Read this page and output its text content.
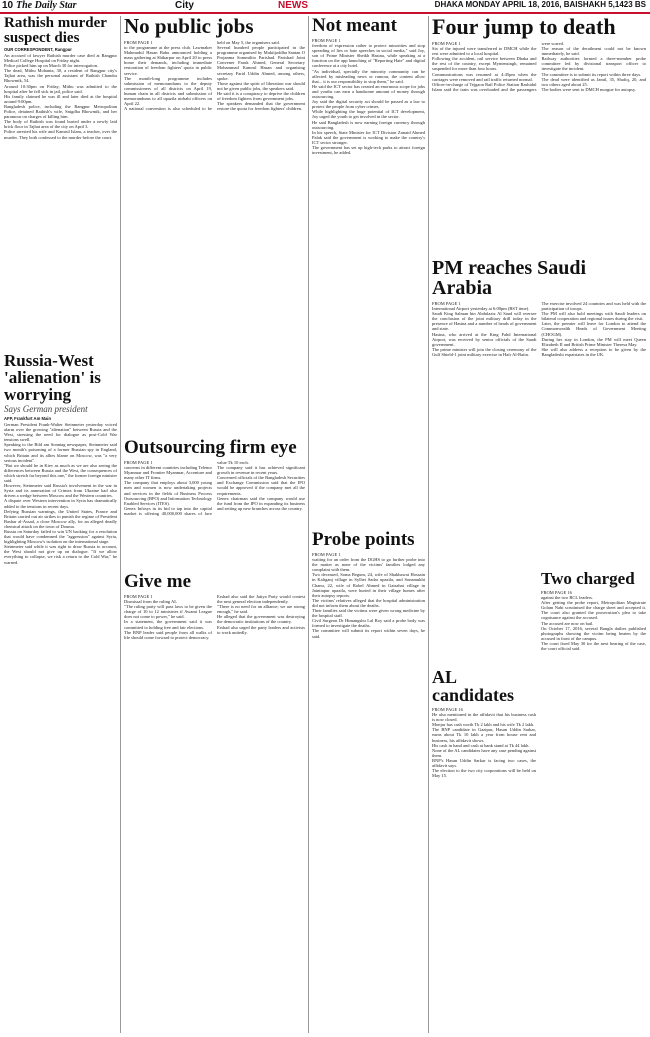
10 The Daily Star	City	NEWS	DHAKA MONDAY APRIL 18, 2016, BAISHAKH 5,1423 BS
Rathish murder suspect dies
OUR CORRESPONDENT, Rangpur

An accused of lawyer Rathish murder case died at Rangpur Medical College Hospital on Friday night.
Police picked him up on March 30 for interrogation.
The dead, Mithu Mohanta, 30, a resident of Rangpur city's Tajhat area, was the personal assistant of Rathish Chandra Bhowmik, 54.
Around 10:30pm on Friday, Mithu was admitted to the hospital after he fell sick in jail, police said.
His family claimed he was ill and later died at the hospital around 9:00pm.
Bangladesh police, including the Rangpur Metropolitan Police, detained Rathish's wife, Snigdha Bhowmik, and her paramour on charges of killing him.
The body of Rathish was found buried under a newly laid brick floor in Tajhat area of the city on April 3.
Police arrested his wife and Kamrul Islam, a teacher, over the murder. They both confessed to the murder before the court.

Russia-West 'alienation' is worrying
Says German president
AFP, Frankfurt Am Main

German President Frank-Walter Steinmeier yesterday voiced alarm over the growing "alienation" between Russia and the West, stressing the need for dialogue as post-Cold War tensions swell.
Speaking to the Bild am Sonntag newspaper, Steinmeier said two month's poisoning of a former Russian spy in England, which Britain and its allies blame on Moscow, was "a very serious incident".
"But we should be in Kiev as much as we are also seeing the differences between Russia and the West, the consequences of which stretch far beyond this one," the former foreign minister said.
However, Steinmeier said Russia's involvement in the war in Syria and its annexation of Crimea from Ukraine had also driven a wedge between Moscow and the Western countries.
A dispute over Western intervention in Syria has dramatically added to the tensions in recent days.
Defying Russian warnings, the United States, France and Britain carried out air strikes to punish the regime of President Bashar al-Assad, a close Moscow ally, for an alleged deadly chemical attack on the town of Douma.
Russia on Saturday failed to win UN backing for a resolution that would have condemned the "aggression" against Syria, highlighting Moscow's isolation on the international stage.
Steinmeier said while it was right to draw Russia to account, the West should not give up on dialogue. "If we allow everything to collapse, we risk a return to the Cold War," he warned.

No public jobs

FROM PAGE 1
to the programme at the press club. Lawmaker Mahmudul Hasan Babu announced holding a mass gathering at Shikarpur on April 20 to press home their demands, including immediate restoration of freedom fighters' quota in public service.
The month-long programme includes submission of memorandums to the deputy commissioners of all districts on April 19, human chain in all districts and submission of memorandums to all upazila nirbahi officers on April 22.
A national convention is also scheduled to be held on May 5, the organisers said.
Several hundred people participated in the programme organised by Muktijoddha Santan O Projanma Sommilito Parishad. Parishad Joint Convener Faruk Ahmed, General Secretary Mohammad Kamrul Hasan and organising secretary Farid Uddin Ahmed, among others, spoke.
Those against the spirit of liberation war should not be given public jobs, the speakers said.
He said it is a conspiracy to deprive the children of freedom fighters from government jobs.
The speakers demanded that the government restore the quota for freedom fighters' children.

Outsourcing firm eye

FROM PAGE 1
concerns in different countries including Telenor Myanmar and Frontier Myanmar, Accenture and many other IT firms.
The company that employs about 3,000 young men and women is now undertaking projects and services in the fields of Business Process Outsourcing (BPO) and Information Technology Enabled Services (ITES).
Genex Infosys in its bid to tap into the capital market is offering 40,000,000 shares of face value Tk 10 each.
The company said it has achieved significant growth in revenue in recent years.
Concerned officials of the Bangladesh Securities and Exchange Commission said that the IPO would be approved if the company met all the requirements.
Genex chairman said the company would use the fund from the IPO in expanding its business and setting up new branches across the country.

Give me

FROM PAGE 1
Dismissal from the ruling AL
"The ruling party will pass laws to be given the charge of 10 to 12 ministries if Awami League does not come to power," he said.
In a statement, the government said it was committed to holding free and fair elections.
The BNP leader said people from all walks of life should come forward to protect democracy.
Ershad also said the Jatiya Party would contest the next general election independently.
"There is no need for an alliance; we are strong enough," he said.
He alleged that the government was destroying the democratic institutions of the country.
Ershad also urged the party leaders and activists to work unitedly.

Not meant

FROM PAGE 1
freedom of expression rather to protect minorities and stop spreading of lies or hate speeches in social media," said Joy, son of Prime Minister Sheikh Hasina, while speaking at a function on the app launching of "Reporting Hate" and digital conference at a city hotel.
"As individual, specially the minority community can be affected by misleading news or rumour, the content allow that... it is our responsibility to stop them," he said.
He said the ICT sector has created an enormous scope for jobs and youths can earn a handsome amount of money through outsourcing.
Joy said the digital security act should be passed as a law to protect the people from cyber crimes.
While highlighting the huge potential of ICT development, Joy urged the youth to get involved in the sector.
He said Bangladesh is now earning foreign currency through outsourcing.
In his speech, State Minister for ICT Division Zunaid Ahmed Palak said the government is working to make the country's ICT sector stronger.
The government has set up high-tech parks to attract foreign investment, he added.

Probe points

FROM PAGE 1
waiting for an order from the DGHS to go further probe into the matter as none of the victims' families lodged any complaint with them.
Two deceased, Soma Begum, 24, wife of Shakhawat Hossain in Kaliganj village in Sylhet Sadar upazila, and Sonamukhi Chanu, 22, wife of Robel Ahmed in Gaisahat village in Jaintiapur upazila, were buried in their village homes after their autopsy reports.
The victims' relatives alleged that the hospital administration did not inform them about the deaths.
Their families said the victims were given wrong medicine by the hospital staff.
Civil Surgeon Dr Himangshu Lal Roy said a probe body was formed to investigate the deaths.
The committee will submit its report within seven days, he said.

Four jump to death

FROM PAGE 1
Six of the injured were transferred to DMCH while the rest were admitted to a local hospital.
Following the accident, rail service between Dhaka and the rest of the country, except Mymensingh, remained suspended for more than four hours.
Communications was resumed at 4:45pm when the carriages were removed and rail traffic returned normal.
Officer-in-charge of Tejgaon Rail Police Station Rashidul Islam said the train was overloaded and the passengers were scared.
The reason of the derailment could not be known immediately, he said.
Railway authorities formed a three-member probe committee led by divisional transport officer to investigate the incident.
The committee is to submit its report within three days.
The dead were identified as Jamil, 35, Shafiq, 20, and two others aged about 25.
The bodies were sent to DMCH morgue for autopsy.

PM reaches Saudi Arabia

FROM PAGE 1
International Airport yesterday at 6:00pm (BST time).
Saudi King Salman bin Abdulaziz Al Saud will oversee the conclusion of the joint military drill today in the presence of Hasina and a number of heads of government and state.
Hasina, who arrived at the King Fahd International Airport, was received by senior officials of the Saudi government.
The prime minister will join the closing ceremony of the Gulf Shield-1 joint military exercise in Hafr Al-Batin.
The exercise involved 24 countries and was held with the participation of troops.
The PM will also hold meetings with Saudi leaders on bilateral cooperation and regional issues during the visit.
Later, the premier will leave for London to attend the Commonwealth Heads of Government Meeting (CHOGM).
During her stay in London, the PM will meet Queen Elizabeth II and British Prime Minister Theresa May.
She will also address a reception to be given by the Bangladeshi expatriates in the UK.

AL candidates

FROM PAGE 16
He also mentioned in the affidavit that his business cash is now closed.
Monjur has cash worth Tk 2 lakh and his wife Tk 2 lakh.
The BNP candidate in Gazipur, Hasan Uddin Sarkar, earns about Tk 10 lakh a year from house rent and business, his affidavit shows.
His cash in hand and cash at bank stand at Tk 44 lakh.
None of the AL candidates have any case pending against them.
BNP's Hasan Uddin Sarkar is facing two cases, the affidavit says.
The election to the two city corporations will be held on May 15.

Two charged

FROM PAGE 16
against the two BCL leaders.
After getting the probe report, Metropolitan Magistrate Golam Nabi scrutinised the charge sheet and accepted it. The court also granted the prosecution's plea to take cognisance against the accused.
The accused are now on bail.
On October 17, 2016, several Bangla dailies published photographs showing the victim being beaten by the accused in front of the campus.
The court fixed May 30 for the next hearing of the case, the court official said.
